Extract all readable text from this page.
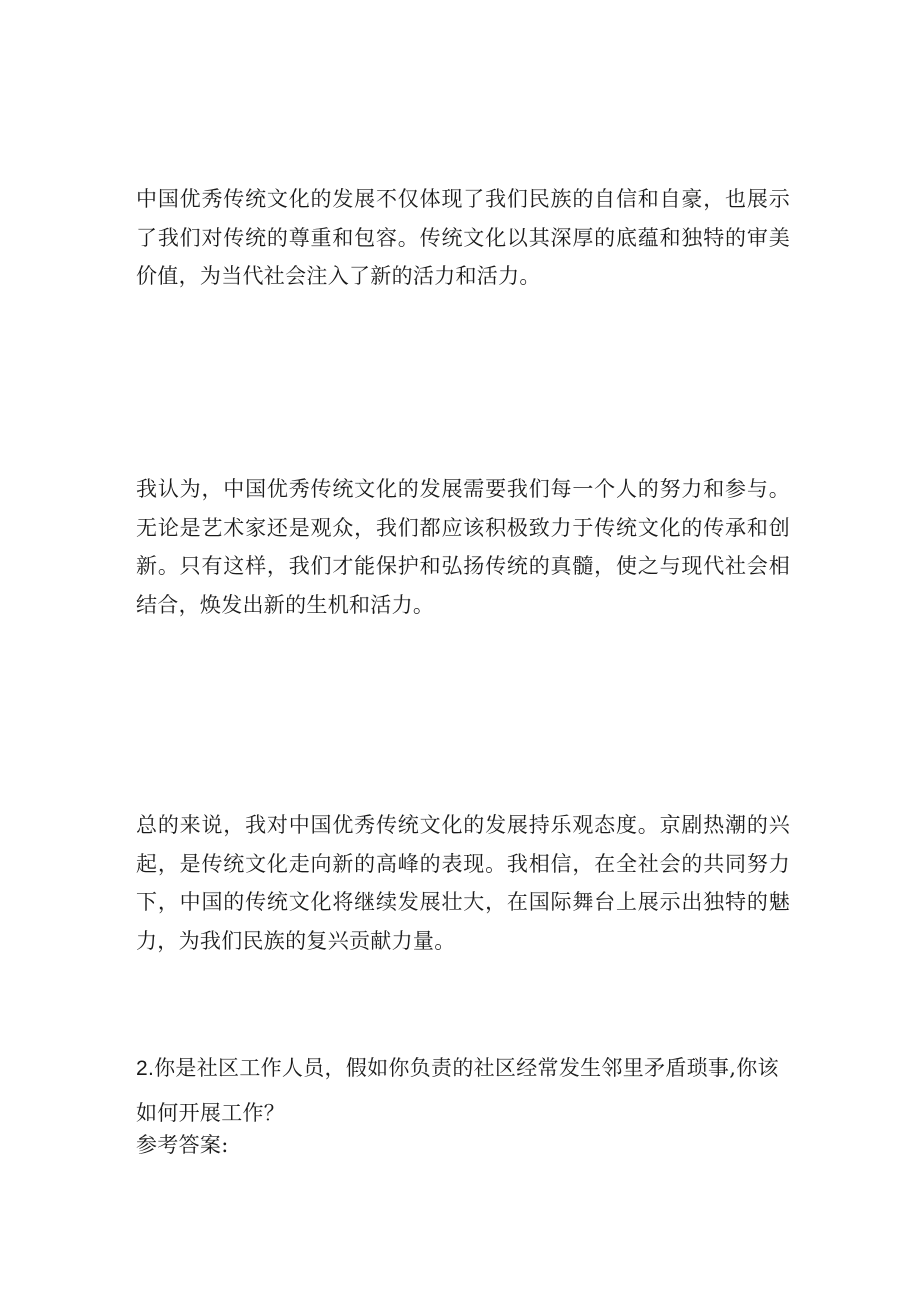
中国优秀传统文化的发展不仅体现了我们民族的自信和自豪，也展示了我们对传统的尊重和包容。传统文化以其深厚的底蕴和独特的审美价值，为当代社会注入了新的活力和活力。

我认为，中国优秀传统文化的发展需要我们每一个人的努力和参与。无论是艺术家还是观众，我们都应该积极致力于传统文化的传承和创新。只有这样，我们才能保护和弘扬传统的真髓，使之与现代社会相结合，焕发出新的生机和活力。

总的来说，我对中国优秀传统文化的发展持乐观态度。京剧热潮的兴起，是传统文化走向新的高峰的表现。我相信，在全社会的共同努力下，中国的传统文化将继续发展壮大，在国际舞台上展示出独特的魅力，为我们民族的复兴贡献力量。

2.你是社区工作人员，假如你负责的社区经常发生邻里矛盾琐事,你该如何开展工作？

参考答案:
